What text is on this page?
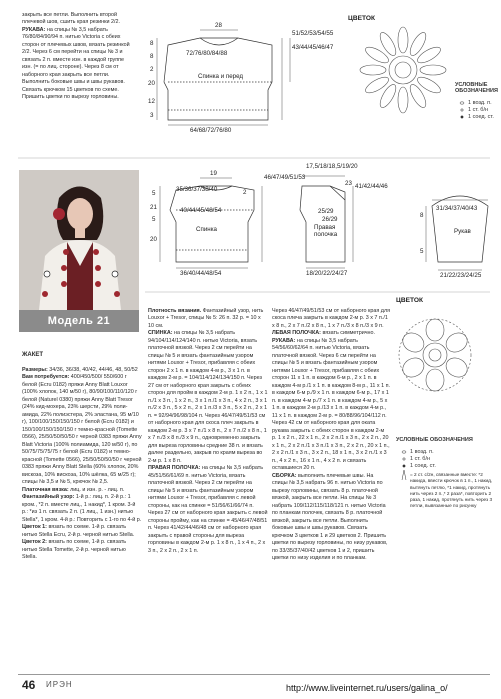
закрыть все петли. Выполнить второй плечевой шов, сшить края резинки 2/2.
РУКАВА: на спицы № 3,5 набрать 76/80/84/90/94 п. нитью Victoria с обеих сторон от плечевых швов, вязать резинкой 2/2. Через 6 см перейти на спицы № 3 и связать 2 п. вместе изн. в каждой группе изн. (= по лиц. стороне). Через 8 см от наборного края закрыть все петли. Выполнить боковые швы и швы рукавов. Связать крючком 15 цветков по схеме. Пришить цветки по вырезу горловины.

28
51/52/53/54/55
43/44/45/46/47
72/76/80/84/88
Спинка и перед
64/68/72/76/80
8
8
2
20
12
3
ЦВЕТОК
УСЛОВНЫЕ
ОБОЗНАЧЕНИЯ
1 возд. п.
1 ст. б/н
1 соед. ст.
Модель 21
19
35/36/37/38/40	2
46/47/49/51/53
40/44/45/48/54
Спинка
36/40/44/48/54
5
21
5
20
17,5/18/18,5/19/20
23 41/42/44/46
25/29
26/29
Правая
полочка
18/20/22/24/27
31/34/37/40/43
Рукав
21/22/23/24/25
8
5
ЦВЕТОК
УСЛОВНЫЕ ОБОЗНАЧЕНИЯ
1 возд. п.
1 ст. б/н
1 соед. ст.
= 2 ст. с/2н, связанные вместе: *2 накида, ввести крючок в 1 п., 1 накид, вытянуть петлю, *1 накид, протянуть нить через 2 п.,* 2 раза*, повторить 2 раза, 1 накид, протянуть нить через 3 петли, вывязанные по рисунку

ЖАКЕТ

Размеры: 34/36, 36/38, 40/42, 44/46, 48, 50/52
Вам потребуется: 400/450/500/ 550/600 г белой (Ecru 0182) пряжи Anny Blatt Louxor (100% хлопок, 140 м/50 г), 80/90/100/110/120 г белой (Naturel 0380) пряжи Anny Blatt Tresor (24% кид-мохера, 23% шерсти, 29% поли-амида, 22% полиэстера, 2% эластана, 95 м/10 г), 100/100/150/150/150 г белой (Ecru 0182) и 150/100/150/150/150 г темно-красной (Tomette 0566), 25/50/50/50/50 г черной 0383 пряжи Anny Blatt Victoria (100% полиамида, 120 м/50 г), по 50/75/75/75/75 г белой (Ecru 0182) и темно-красной (Tomette 0566), 25/50/50/50/50 г черной 0383 пряжи Anny Blatt Stella (60% хлопок, 20% вискоза, 10% вискоза, 10% шёлка, 65 м/25 г); спицы № 3,5 и № 5, крючок № 2,5.
Платочная вязка: лиц. и изн. р. - лиц. п.
Фантазийный узор: 1-й р.: лиц. п. 2-й р.: 1 кром., *2 п. вместе лиц., 1 накид*, 1 кром. 3-й р.: *из 1 п. связать 2 п. (1 лиц., 1 изн.) нитью Stella*, 1 кром. 4-й р.: Повторить с 1-го по 4-й р.
Цветок 1: вязать по схеме. 1-й р. связать нитью Stella Ecru, 2-й р. черной нитью Stella.
Цветок 2: вязать по схеме, 1-й р. связать нитью Stella Tomette, 2-й р. черной нитью Stella.

Плотность вязания. Фантазийный узор, нить Louxor + Tresor, спицы № 5: 26 п. 32 р. = 10 х 10 см.
СПИНКА: на спицы № 3,5 набрать 94/104/114/124/140 п. нитью Victoria, вязать платочной вязкой. Через 2 см перейти на спицы № 5 и вязать фантазийным узором нитями Louxor + Tresor, прибавляя с обеих сторон 2 х 1 п. в каждом 4-м р., 3 х 1 п. в каждом 2-м р. = 104/114/124/134/150 п. Через 27 см от наборного края закрыть с обеих сторон для пройм в каждом 2-м р. 1 х 2 п., 1 х 1 п./1 х 3 п., 1 х 2 п., 3 х 1 п./1 х 3 п., 4 х 2 п., 3 х 1 п./2 х 3 п., 5 х 2 п., 2 х 1 п./3 х 3 п., 5 х 2 п., 2 х 1 п. = 92/94/96/98/104 п. Через 46/47/49/51/53 см от наборного края для скоса плеч закрыть в каждом 2-м р. 3 х 7 п./1 х 8 п., 2 х 7 п./2 х 8 п., 1 х 7 п./3 х 8 п./3 х 9 п., одновременно закрыть для выреза горловины средние 38 п. и вязать далее раздельно, закрыв по краям выреза во 2-м р. 1 х 8 п.
ПРАВАЯ ПОЛОЧКА: на спицы № 3,5 набрать 45/51/56/61/69 п. нитью Victoria, вязать платочной вязкой. Через 2 см перейти на спицы № 5 и вязать фантазийным узором нитями Louxor + Tresor, прибавляя с левой стороны, как на спинке = 51/56/61/66/74 п. Через 27 см от наборного края закрыть с левой стороны пройму, как на спинке = 45/46/47/48/51 п. Через 41/42/44/46/48 см от наборного края закрыть с правой стороны для выреза горловины в каждом 2-м р. 1 х 8 п., 1 х 4 п., 2 х 3 п., 2 х 2 п., 2 х 1 п.

Через 46/47/49/51/53 см от наборного края для скоса плеча закрыть в каждом 2-м р. 3 х 7 п./1 х 8 п., 2 х 7 п./2 х 8 п., 1 х 7 п./3 х 8 п./3 х 9 п.
ЛЕВАЯ ПОЛОЧКА: вязать симметрично.
РУКАВА: на спицы № 3,5 набрать 54/56/60/62/64 п. нитью Victoria, вязать платочной вязкой. Через 6 см перейти на спицы № 5 и вязать фантазийным узором нитями Louxor + Tresor, прибавляя с обеих сторон 11 х 1 п. в каждом 6-м р., 2 х 1 п. в каждом 4-м р./1 х 1 п. в каждом 8-м р., 11 х 1 п. в каждом 6-м р./9 х 1 п. в каждом 6-м р., 17 х 1 п. в каждом 4-м р./7 х 1 п. в каждом 4-м р., 5 х 1 п. в каждом 2-м р./13 х 1 п. в каждом 4-м р., 11 х 1 п. в каждом 2-м р. = 80/88/96/104/112 п. Через 42 см от наборного края для оката рукава закрыть с обеих сторон в каждом 2-м р. 1 х 2 п., 22 х 1 п., 2 х 2 п./1 х 3 п., 2 х 2 п., 20 х 1 п., 2 х 2 п./1 х 3 п./1 х 3 п., 2 х 2 п., 20 х 1 п., 2 х 2 п./1 х 3 п., 3 х 2 п., 18 х 1 п., 3 х 2 п./1 х 3 п., 4 х 2 п., 16 х 1 п., 4 х 2 п. и связать оставшиеся 20 п.
СБОРКА: выполнить плечевые швы. На спицы № 3,5 набрать 96 п. нитью Victoria по вырезу горловины, связать 8 р. платочной вязкой, закрыть все петли. На спицы № 3 набрать 109/112/115/118/121 п. нитью Victoria по планкам полочек, связать 8 р. платочной вязкой, закрыть все петли. Выполнить боковые швы и швы рукавов. Связать крючком 3 цветков 1 и 29 цветков 2. Пришить цветки по вырезу горловины, по низу рукавов, по 33/35/37/40/42 цветков 1 и 2, пришить цветки по низу изделия и по планкам.

46 ИРЭН	http://www.liveinternet.ru/users/galina_o/
